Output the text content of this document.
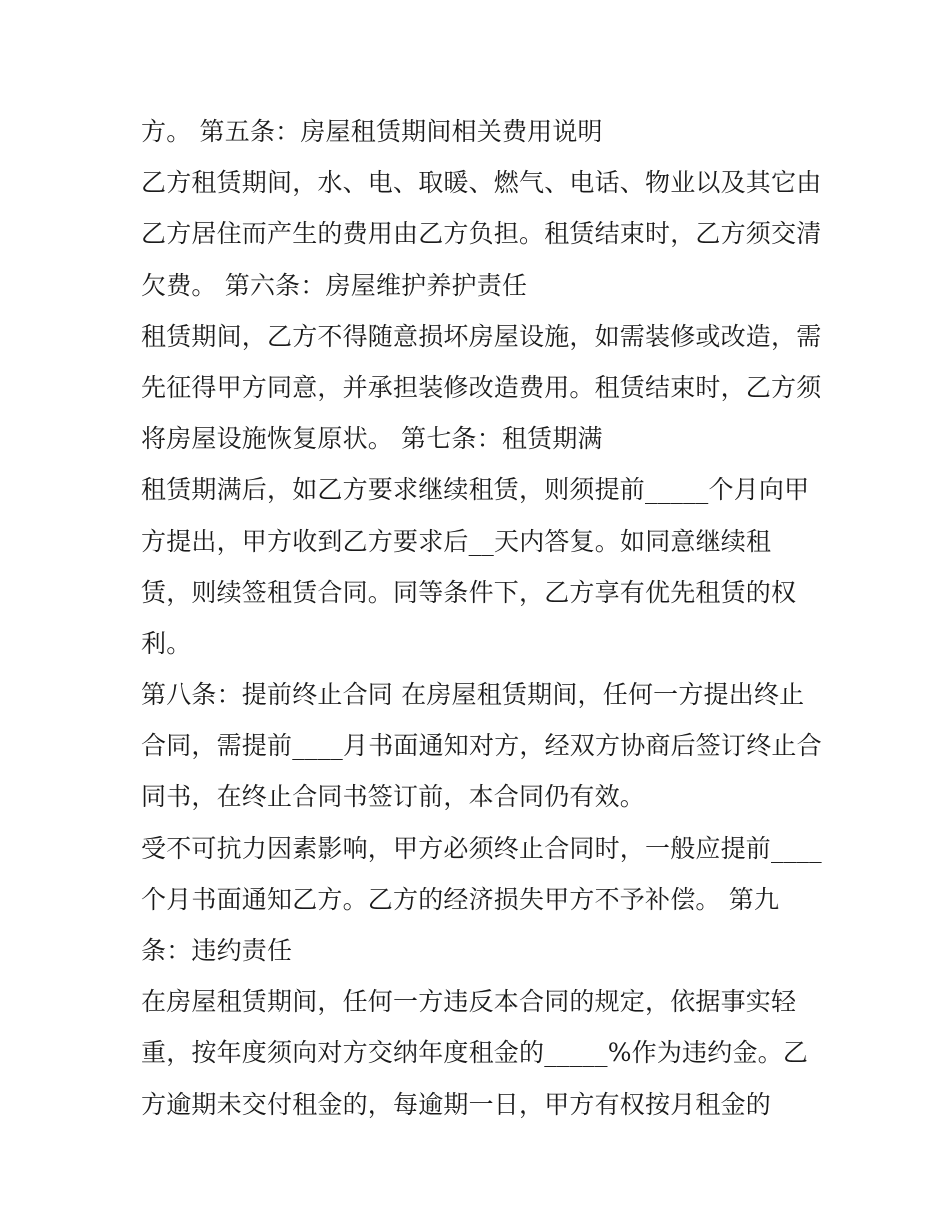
方。 第五条：房屋租赁期间相关费用说明
乙方租赁期间，水、电、取暖、燃气、电话、物业以及其它由
乙方居住而产生的费用由乙方负担。租赁结束时，乙方须交清
欠费。 第六条：房屋维护养护责任
租赁期间，乙方不得随意损坏房屋设施，如需装修或改造，需
先征得甲方同意，并承担装修改造费用。租赁结束时，乙方须
将房屋设施恢复原状。 第七条：租赁期满
租赁期满后，如乙方要求继续租赁，则须提前_____个月向甲
方提出，甲方收到乙方要求后__天内答复。如同意继续租
赁，则续签租赁合同。同等条件下，乙方享有优先租赁的权
利。
第八条：提前终止合同 在房屋租赁期间，任何一方提出终止
合同，需提前____月书面通知对方，经双方协商后签订终止合
同书，在终止合同书签订前，本合同仍有效。
受不可抗力因素影响，甲方必须终止合同时，一般应提前____
个月书面通知乙方。乙方的经济损失甲方不予补偿。 第九
条：违约责任
在房屋租赁期间，任何一方违反本合同的规定，依据事实轻
重，按年度须向对方交纳年度租金的_____%作为违约金。乙
方逾期未交付租金的，每逾期一日，甲方有权按月租金的
